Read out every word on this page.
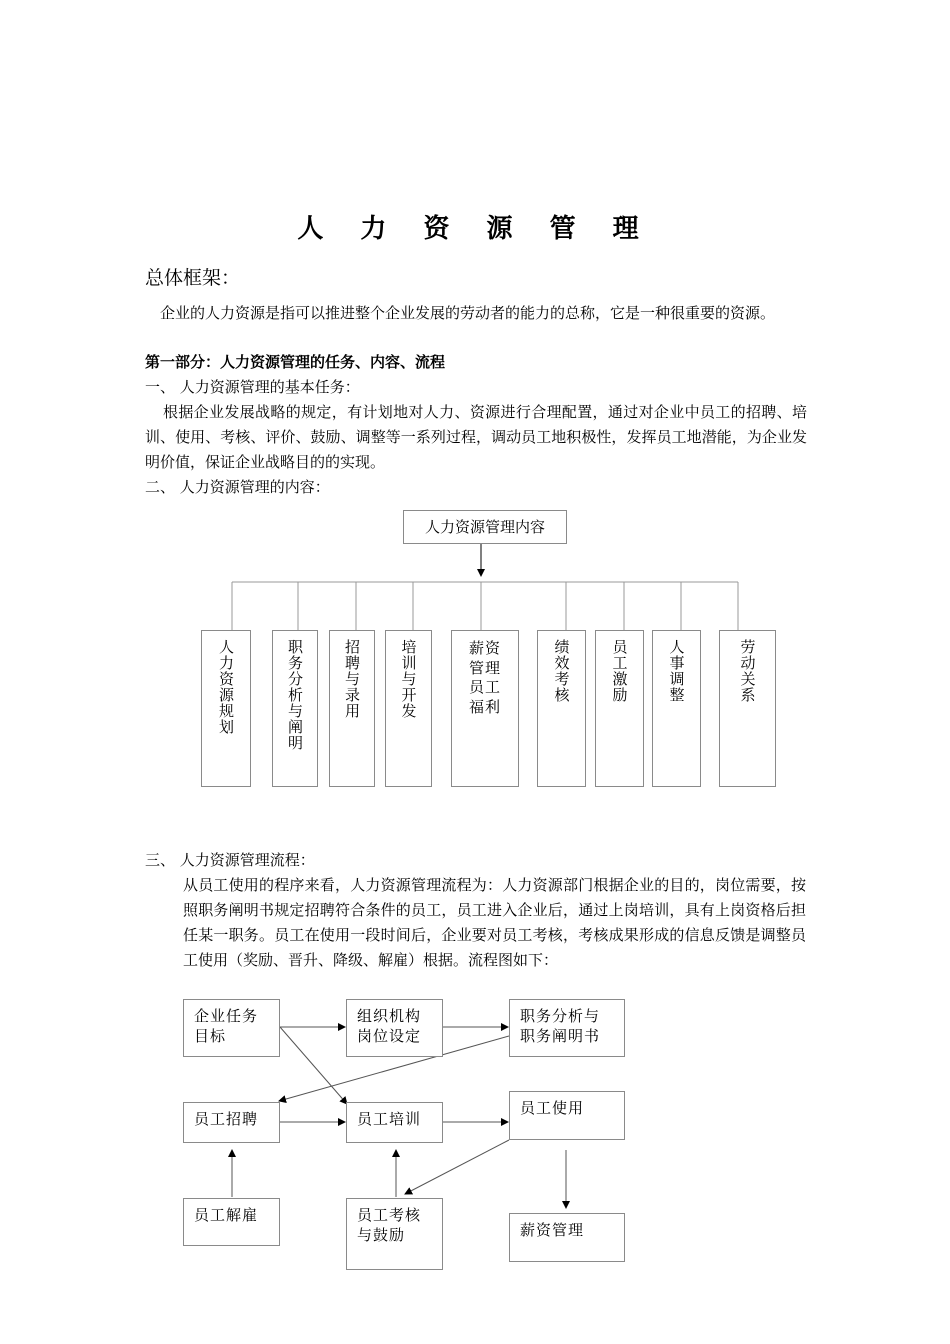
人 力 资 源 管 理
总体框架：
企业的人力资源是指可以推进整个企业发展的劳动者的能力的总称，它是一种很重要的资源。
第一部分：人力资源管理的任务、内容、流程
一、 人力资源管理的基本任务：
根据企业发展战略的规定，有计划地对人力、资源进行合理配置，通过对企业中员工的招聘、培训、使用、考核、评价、鼓励、调整等一系列过程，调动员工地积极性，发挥员工地潜能，为企业发明价值，保证企业战略目的的实现。
二、 人力资源管理的内容：
人力资源管理内容
人力资源规划	职务分析与阐明	招聘与录用	培训与开发	薪资管理员工福利
绩效考核	员工激励	人事调整	劳动关系
三、 人力资源管理流程：
从员工使用的程序来看，人力资源管理流程为：人力资源部门根据企业的目的，岗位需要，按照职务阐明书规定招聘符合条件的员工，员工进入企业后，通过上岗培训，具有上岗资格后担任某一职务。员工在使用一段时间后，企业要对员工考核，考核成果形成的信息反馈是调整员工使用（奖励、晋升、降级、解雇）根据。流程图如下：
企业任务目标
组织机构岗位设定
职务分析与职务阐明书
员工招聘	员工培训
员工使用
员工解雇	员工考核与鼓励	薪资管理
